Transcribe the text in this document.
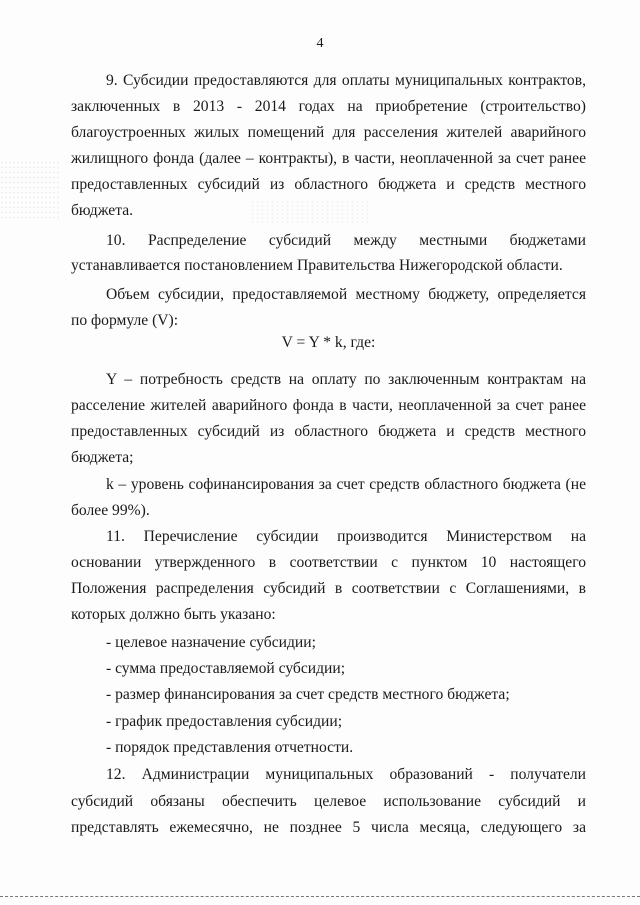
4
9. Субсидии предоставляются для оплаты муниципальных контрактов,
заключенных в 2013 - 2014 годах на приобретение (строительство)
благоустроенных жилых помещений для расселения жителей аварийного
жилищного фонда (далее – контракты), в части, неоплаченной за счет ранее
предоставленных субсидий из областного бюджета и средств местного
бюджета.
10. Распределение субсидий между местными бюджетами
устанавливается постановлением Правительства Нижегородской области.
Объем субсидии, предоставляемой местному бюджету, определяется
по формуле (V):
V = Y * k, где:
Y – потребность средств на оплату по заключенным контрактам на
расселение жителей аварийного фонда в части, неоплаченной за счет ранее
предоставленных субсидий из областного бюджета и средств местного
бюджета;
k – уровень софинансирования за счет средств областного бюджета (не
более 99%).
11. Перечисление субсидии производится Министерством на
основании утвержденного в соответствии с пунктом 10 настоящего
Положения распределения субсидий в соответствии с Соглашениями, в
которых должно быть указано:
- целевое назначение субсидии;
- сумма предоставляемой субсидии;
- размер финансирования за счет средств местного бюджета;
- график предоставления субсидии;
- порядок представления отчетности.
12. Администрации муниципальных образований - получатели
субсидий обязаны обеспечить целевое использование субсидий и
представлять ежемесячно, не позднее 5 числа месяца, следующего за
